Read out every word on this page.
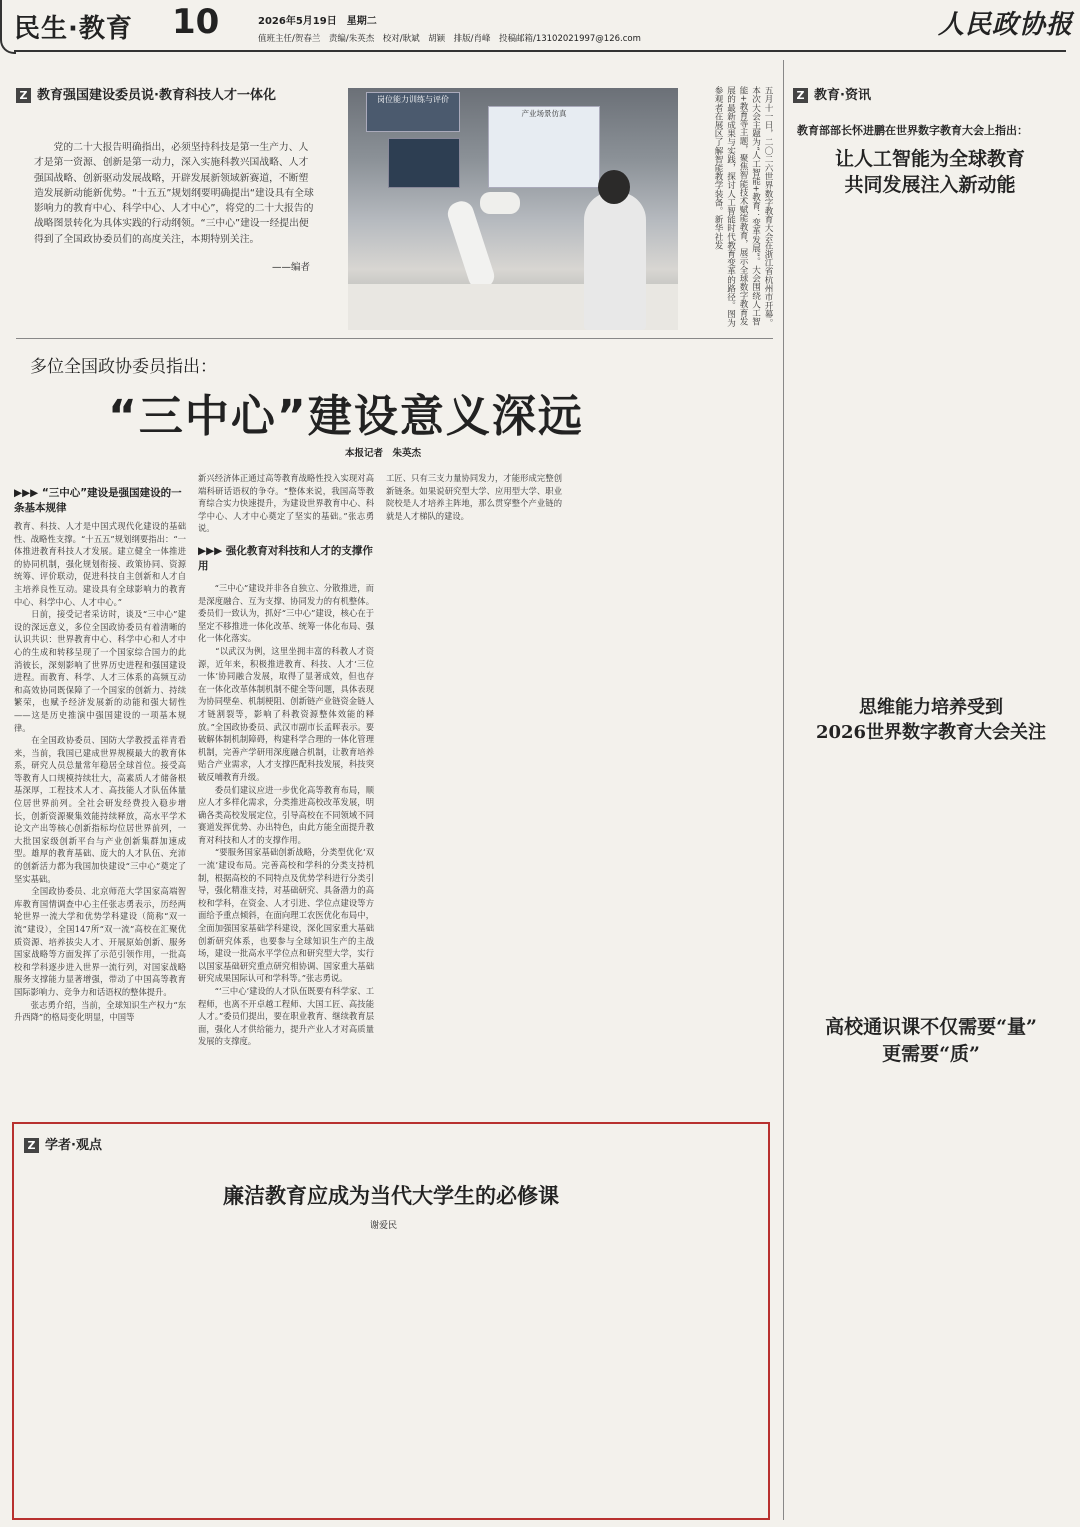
民生·教育 10	2026年5月19日　星期二
值班主任/贺春兰　责编/朱英杰　校对/耿斌　胡颖　排版/肖峰　投稿邮箱/13102021997@126.com	人民政协报
Z 教育强国建设委员说·教育科技人才一体化
党的二十大报告明确指出，必须坚持科技是第一生产力、人才是第一资源、创新是第一动力，深入实施科教兴国战略、人才强国战略、创新驱动发展战略，开辟发展新领域新赛道，不断塑造发展新动能新优势。“十五五”规划纲要明确提出“建设具有全球影响力的教育中心、科学中心、人才中心”，将党的二十大报告的战略图景转化为具体实践的行动纲领。“三中心”建设一经提出便得到了全国政协委员们的高度关注，本期特别关注。
——编者
岗位能力训练与评价
产业场景仿真	五月十一日，二〇二六世界数字教育大会在浙江省杭州市开幕。本次大会主题为“人工智能+教育：变革发展”。大会围绕人工智能+教育等主题，聚焦智能技术赋能教育，展示全球数字教育发展的最新成果与实践，探讨人工智能时代教育变革的路径。图为参观者在展区了解智能教学装备。新华社发
多位全国政协委员指出：
“三中心”建设意义深远
本报记者　朱英杰
▶▶▶ “三中心”建设是强国建设的一条基本规律
教育、科技、人才是中国式现代化建设的基础性、战略性支撑。“十五五”规划纲要指出：“一体推进教育科技人才发展。建立健全一体推进的协同机制，强化规划衔接、政策协同、资源统筹、评价联动，促进科技自主创新和人才自主培养良性互动。建设具有全球影响力的教育中心、科学中心、人才中心。”
　　日前，接受记者采访时，谈及“三中心”建设的深远意义，多位全国政协委员有着清晰的认识共识：世界教育中心、科学中心和人才中心的生成和转移呈现了一个国家综合国力的此消彼长，深刻影响了世界历史进程和强国建设进程。而教育、科学、人才三体系的高频互动和高效协同既保障了一个国家的创新力、持续繁荣，也赋予经济发展新的动能和强大韧性——这是历史推演中强国建设的一项基本规律。
　　在全国政协委员、国防大学教授孟祥青看来，当前，我国已建成世界规模最大的教育体系，研究人员总量常年稳居全球首位。接受高等教育人口规模持续壮大，高素质人才储备根基深厚，工程技术人才、高技能人才队伍体量位居世界前列。全社会研发经费投入稳步增长，创新资源聚集效能持续释放，高水平学术论文产出等核心创新指标均位居世界前列，一大批国家级创新平台与产业创新集群加速成型。雄厚的教育基础、庞大的人才队伍、充沛的创新活力都为我国加快建设“三中心”奠定了坚实基础。
　　全国政协委员、北京师范大学国家高端智库教育国情调查中心主任张志勇表示，历经两轮世界一流大学和优势学科建设（简称“双一流”建设），全国147所“双一流”高校在汇聚优质资源、培养拔尖人才、开展原始创新、服务国家战略等方面发挥了示范引领作用，一批高校和学科逐步进入世界一流行列，对国家战略服务支撑能力显著增强，带动了中国高等教育国际影响力、竞争力和话语权的整体提升。
　　张志勇介绍，当前，全球知识生产权力“东升西降”的格局变化明显，中国等
新兴经济体正通过高等教育战略性投入实现对高端科研话语权的争夺。“整体来说，我国高等教育综合实力快速提升，为建设世界教育中心、科学中心、人才中心奠定了坚实的基础。”张志勇说。
▶▶▶ 强化教育对科技和人才的支撑作用
“三中心”建设并非各自独立、分散推进，而是深度融合、互为支撑、协同发力的有机整体。委员们一致认为，抓好“三中心”建设，核心在于坚定不移推进一体化改革、统筹一体化布局、强化一体化落实。
　　“以武汉为例，这里坐拥丰富的科教人才资源，近年来，积极推进教育、科技、人才‘三位一体’协同融合发展，取得了显著成效，但也存在一体化改革体制机制不健全等问题，具体表现为协同壁垒、机制梗阻、创新链产业链资金链人才链割裂等，影响了科教资源整体效能的释放。”全国政协委员、武汉市副市长孟晖表示。要破解体制机制障碍，构建科学合理的一体化管理机制，完善产学研用深度融合机制，让教育培养贴合产业需求，人才支撑匹配科技发展，科技突破反哺教育升级。
　　委员们建议应进一步优化高等教育布局，顺应人才多样化需求，分类推进高校改革发展，明确各类高校发展定位，引导高校在不同领域不同赛道发挥优势、办出特色，由此方能全面提升教育对科技和人才的支撑作用。
　　“要服务国家基础创新战略，分类型优化‘双一流’建设布局。完善高校和学科的分类支持机制，根据高校的不同特点及优势学科进行分类引导，强化精准支持，对基础研究、具备潜力的高校和学科，在资金、人才引进、学位点建设等方面给予重点倾斜，在面向理工农医优化布局中，全面加强国家基础学科建设，深化国家重大基础创新研究体系，也要参与全球知识生产的主战场，建设一批高水平学位点和研究型大学，实行以国家基础研究重点研究相协调、国家重大基础研究成果国际认可和学科等。”张志勇说。
　　“‘三中心’建设的人才队伍既要有科学家、工程师，也离不开卓越工程师、大国工匠、高技能人才。”委员们提出，要在职业教育、继续教育层面，强化人才供给能力，提升产业人才对高质量发展的支撑度。
工匠、只有三支力量协同发力，才能形成完整创新链条。如果说研究型大学、应用型大学、职业院校是人才培养主阵地，那么贯穿整个产业链的就是人才梯队的建设。
Z 教育·资讯
教育部部长怀进鹏在世界数字教育大会上指出：
让人工智能为全球教育
共同发展注入新动能
思维能力培养受到
2026世界数字教育大会关注
高校通识课不仅需要“量”
更需要“质”
Z 学者·观点
廉洁教育应成为当代大学生的必修课
谢爱民
